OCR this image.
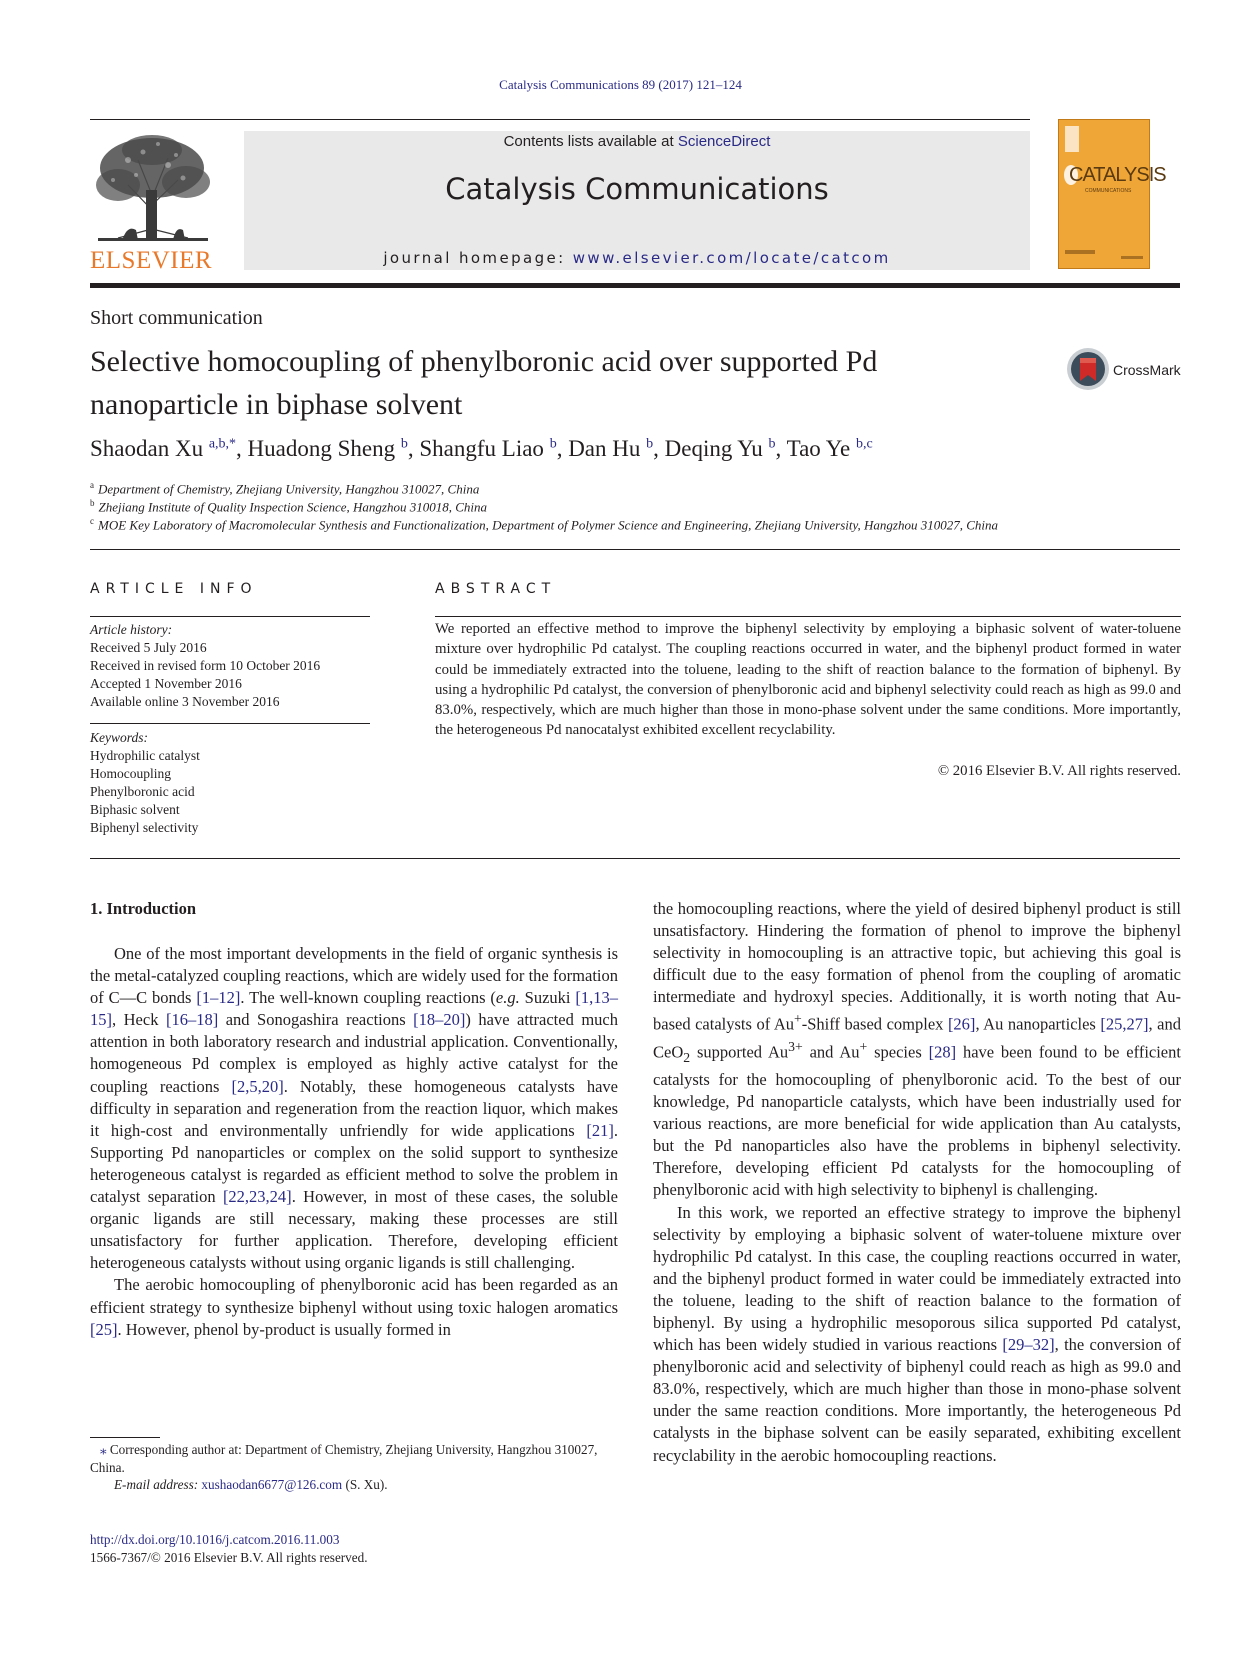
Catalysis Communications 89 (2017) 121–124
ELSEVIER
Contents lists available at ScienceDirect
Catalysis Communications
journal homepage: www.elsevier.com/locate/catcom
CATALYSIS
COMMUNICATIONS
Short communication
Selective homocoupling of phenylboronic acid over supported Pd nanoparticle in biphase solvent
CrossMark
Shaodan Xu $^{a,b,*}$, Huadong Sheng $^b$, Shangfu Liao $^b$, Dan Hu $^b$, Deqing Yu $^b$, Tao Ye $^{b,c}$
$^a$ Department of Chemistry, Zhejiang University, Hangzhou 310027, China
$^b$ Zhejiang Institute of Quality Inspection Science, Hangzhou 310018, China
$^c$ MOE Key Laboratory of Macromolecular Synthesis and Functionalization, Department of Polymer Science and Engineering, Zhejiang University, Hangzhou 310027, China
ARTICLE INFO
Article history:
Received 5 July 2016
Received in revised form 10 October 2016
Accepted 1 November 2016
Available online 3 November 2016
Keywords:
Hydrophilic catalyst
Homocoupling
Phenylboronic acid
Biphasic solvent
Biphenyl selectivity
ABSTRACT
We reported an effective method to improve the biphenyl selectivity by employing a biphasic solvent of water-toluene mixture over hydrophilic Pd catalyst. The coupling reactions occurred in water, and the biphenyl product formed in water could be immediately extracted into the toluene, leading to the shift of reaction balance to the formation of biphenyl. By using a hydrophilic Pd catalyst, the conversion of phenylboronic acid and biphenyl selectivity could reach as high as 99.0 and 83.0%, respectively, which are much higher than those in mono-phase solvent under the same conditions. More importantly, the heterogeneous Pd nanocatalyst exhibited excellent recyclability.
© 2016 Elsevier B.V. All rights reserved.
1. Introduction

One of the most important developments in the field of organic synthesis is the metal-catalyzed coupling reactions, which are widely used for the formation of C—C bonds [1–12]. The well-known coupling reactions (e.g. Suzuki [1,13–15], Heck [16–18] and Sonogashira reactions [18–20]) have attracted much attention in both laboratory research and industrial application. Conventionally, homogeneous Pd complex is employed as highly active catalyst for the coupling reactions [2,5,20]. Notably, these homogeneous catalysts have difficulty in separation and regeneration from the reaction liquor, which makes it high-cost and environmentally unfriendly for wide applications [21]. Supporting Pd nanoparticles or complex on the solid support to synthesize heterogeneous catalyst is regarded as efficient method to solve the problem in catalyst separation [22,23,24]. However, in most of these cases, the soluble organic ligands are still necessary, making these processes are still unsatisfactory for further application. Therefore, developing efficient heterogeneous catalysts without using organic ligands is still challenging.

The aerobic homocoupling of phenylboronic acid has been regarded as an efficient strategy to synthesize biphenyl without using toxic halogen aromatics [25]. However, phenol by-product is usually formed in

the homocoupling reactions, where the yield of desired biphenyl product is still unsatisfactory. Hindering the formation of phenol to improve the biphenyl selectivity in homocoupling is an attractive topic, but achieving this goal is difficult due to the easy formation of phenol from the coupling of aromatic intermediate and hydroxyl species. Additionally, it is worth noting that Au-based catalysts of Au+-Shiff based complex [26], Au nanoparticles [25,27], and CeO$_2$ supported $Au^{3+}$ and Au+ species [28] have been found to be efficient catalysts for the homocoupling of phenylboronic acid. To the best of our knowledge, Pd nanoparticle catalysts, which have been industrially used for various reactions, are more beneficial for wide application than Au catalysts, but the Pd nanoparticles also have the problems in biphenyl selectivity. Therefore, developing efficient Pd catalysts for the homocoupling of phenylboronic acid with high selectivity to biphenyl is challenging.

In this work, we reported an effective strategy to improve the biphenyl selectivity by employing a biphasic solvent of water-toluene mixture over hydrophilic Pd catalyst. In this case, the coupling reactions occurred in water, and the biphenyl product formed in water could be immediately extracted into the toluene, leading to the shift of reaction balance to the formation of biphenyl. By using a hydrophilic mesoporous silica supported Pd catalyst, which has been widely studied in various reactions [29–32], the conversion of phenylboronic acid and selectivity of biphenyl could reach as high as 99.0 and 83.0%, respectively, which are much higher than those in mono-phase solvent under the same reaction conditions. More importantly, the heterogeneous Pd catalysts in the biphase solvent can be easily separated, exhibiting excellent recyclability in the aerobic homocoupling reactions.

⁎ Corresponding author at: Department of Chemistry, Zhejiang University, Hangzhou 310027, China.
E-mail address: xushaodan6677@126.com (S. Xu).
http://dx.doi.org/10.1016/j.catcom.2016.11.003
1566-7367/© 2016 Elsevier B.V. All rights reserved.
